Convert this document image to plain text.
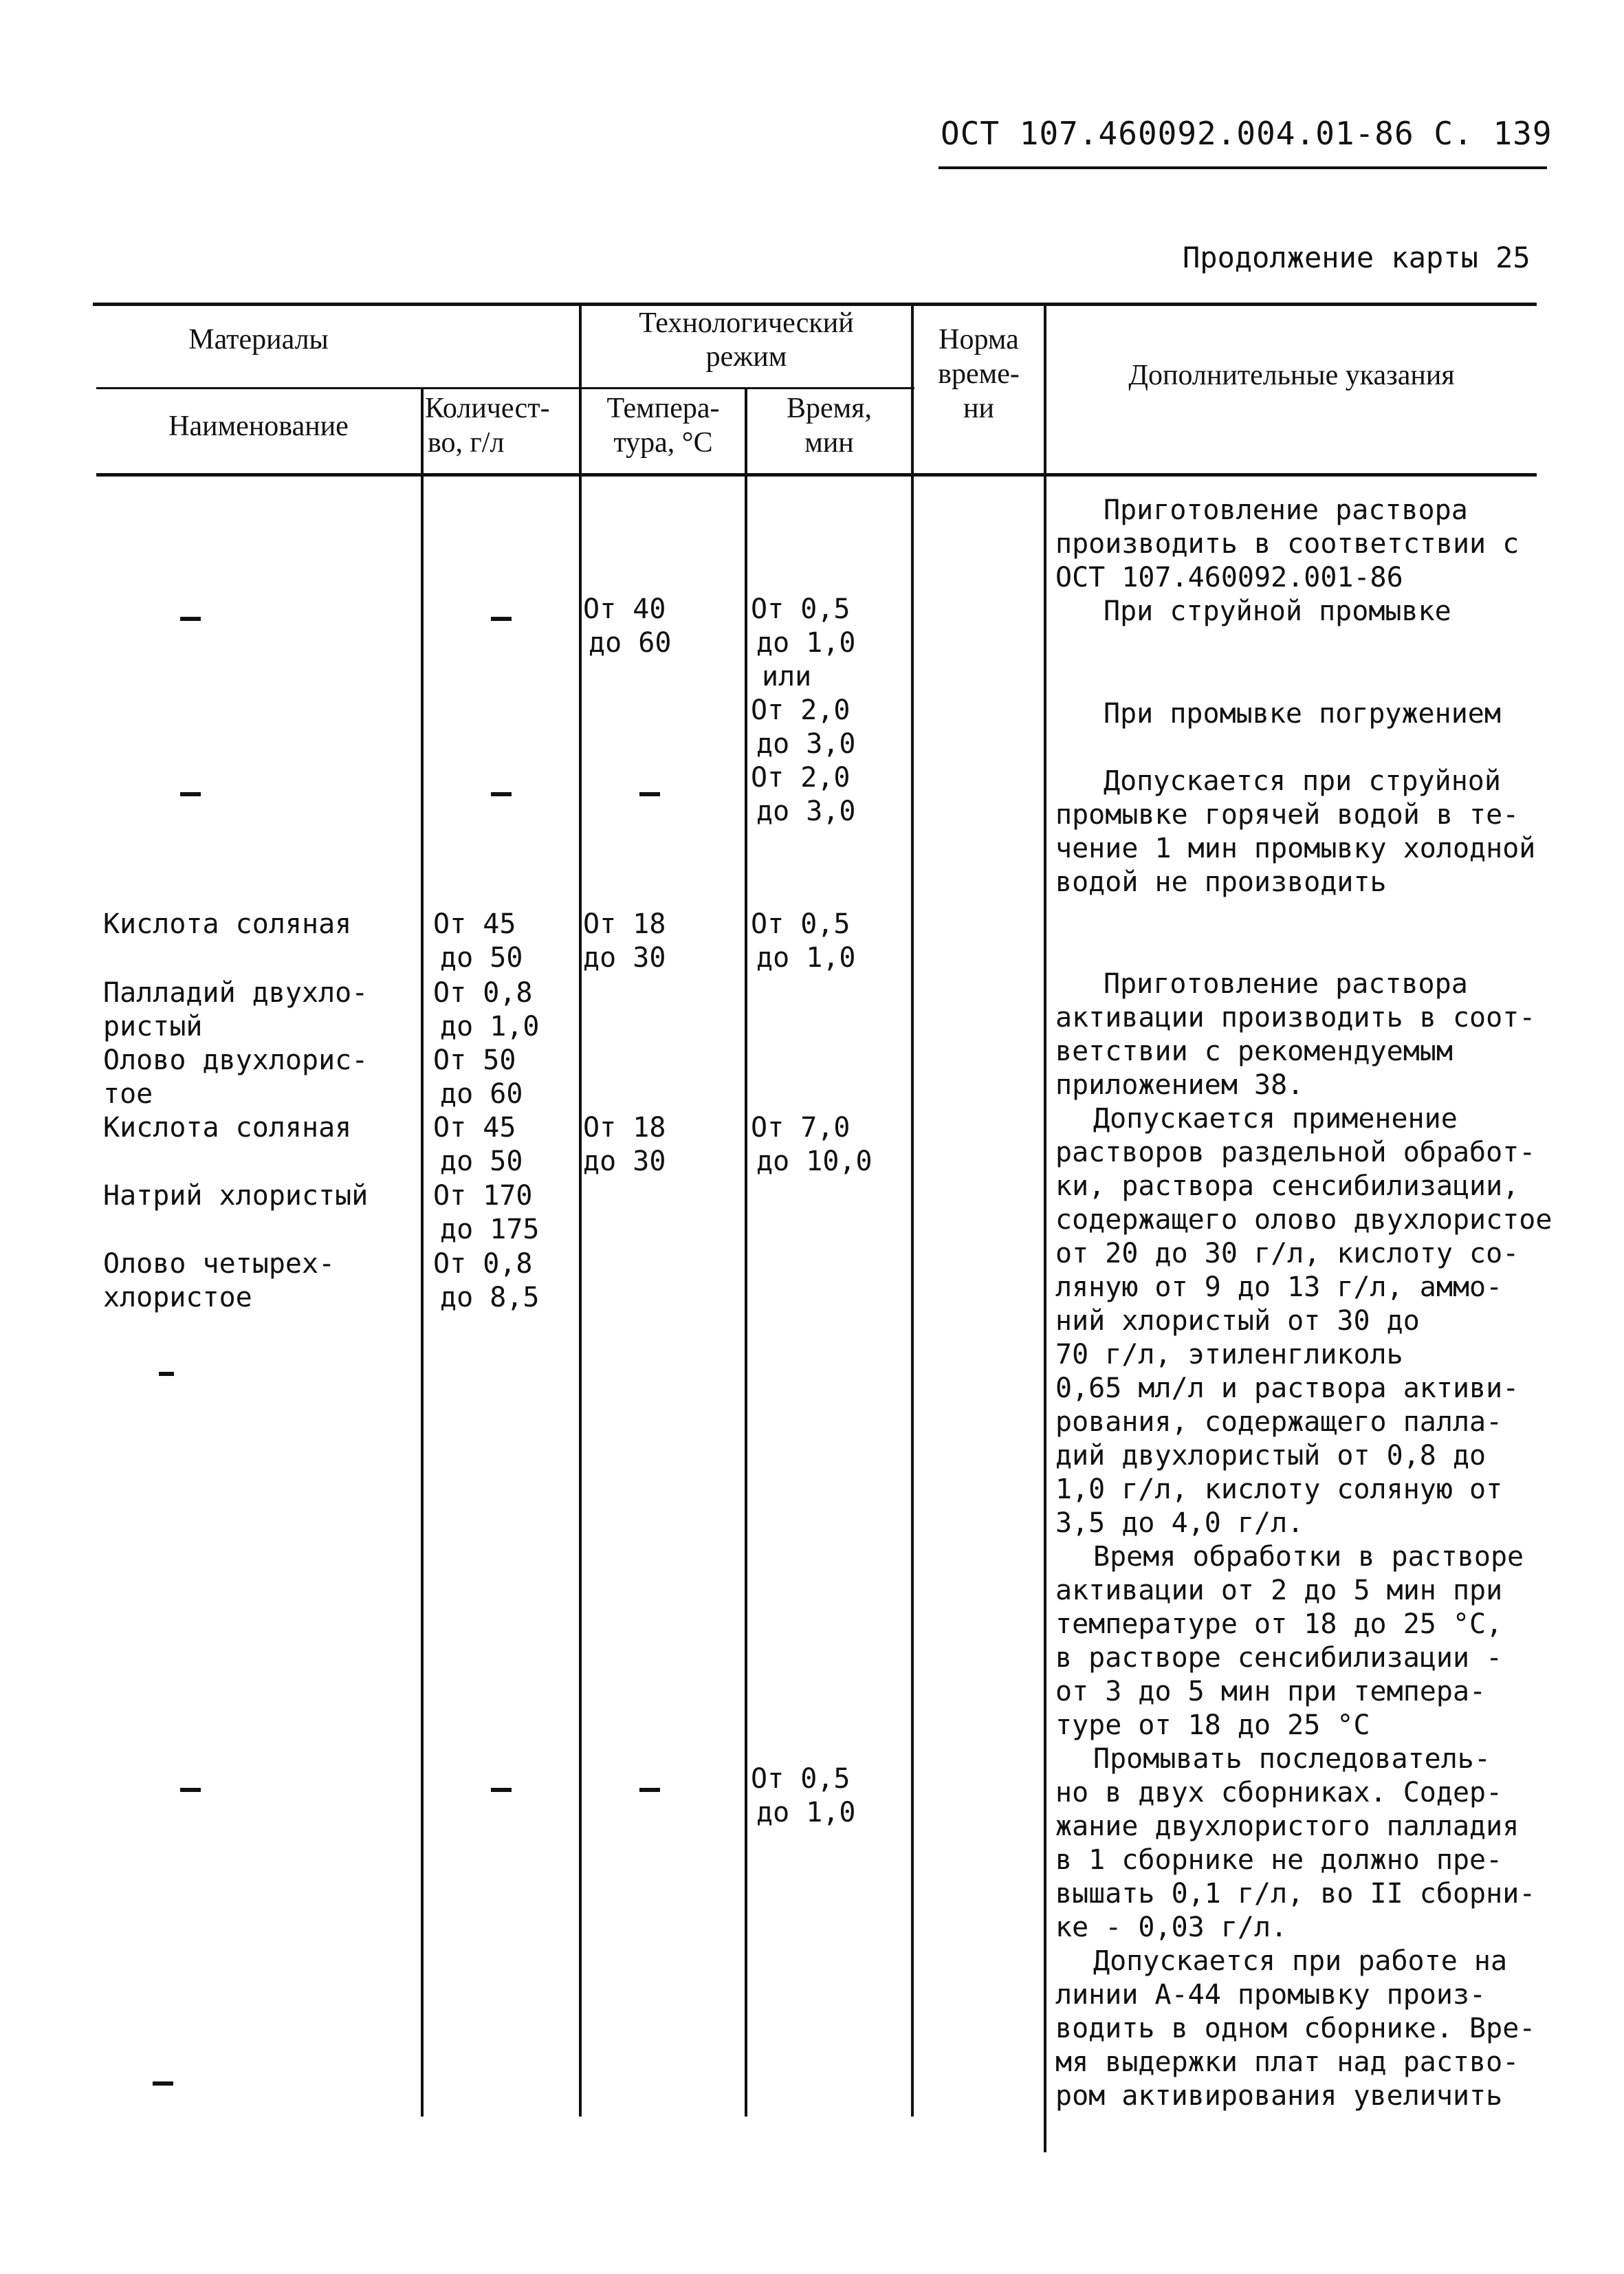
ОСТ 107.460092.004.01-86 С. 139
Продолжение карты 25
Материалы
Технологический
режим
Норма
време-
ни
Дополнительные указания
Наименование
Количест-
во, г/л
Темпера-
тура, °С
Время,
мин
–
Кислота соляная
Палладий двухло-
ристый
Олово двухлорис-
тое
Кислота соляная
Натрий хлористый
Олово четырех-
хлористое
От 45
до 50
От 0,8
до 1,0
От 50
до 60
От 45
до 50
От 170
до 175
От 0,8
до 8,5
От 40
до 60
От 18
до 30
От 18
до 30
От 0,5
до 1,0
или
От 2,0
до 3,0
От 2,0
до 3,0
От 0,5
до 1,0
От 7,0
до 10,0
От 0,5
до 1,0
Приготовление раствора
производить в соответствии с
ОСТ 107.460092.001-86
При струйной промывке
При промывке погружением
Допускается при струйной
промывке горячей водой в те-
чение 1 мин промывку холодной
водой не производить
Приготовление раствора
активации производить в соот-
ветствии с рекомендуемым
приложением 38.
Допускается применение
растворов раздельной обработ-
ки, раствора сенсибилизации,
содержащего олово двухлористое
от 20 до 30 г/л, кислоту со-
ляную от 9 до 13 г/л, аммо-
ний хлористый от 30 до
70 г/л, этиленгликоль
0,65 мл/л и раствора активи-
рования, содержащего палла-
дий двухлористый от 0,8 до
1,0 г/л, кислоту соляную от
3,5 до 4,0 г/л.
Время обработки в растворе
активации от 2 до 5 мин при
температуре от 18 до 25 °С,
в растворе сенсибилизации -
от 3 до 5 мин при темпера-
туре от 18 до 25 °С
Промывать последователь-
но в двух сборниках. Содер-
жание двухлористого палладия
в 1 сборнике не должно пре-
вышать 0,1 г/л, во II сборни-
ке - 0,03 г/л.
Допускается при работе на
линии А-44 промывку произ-
водить в одном сборнике. Вре-
мя выдержки плат над раство-
ром активирования увеличить
